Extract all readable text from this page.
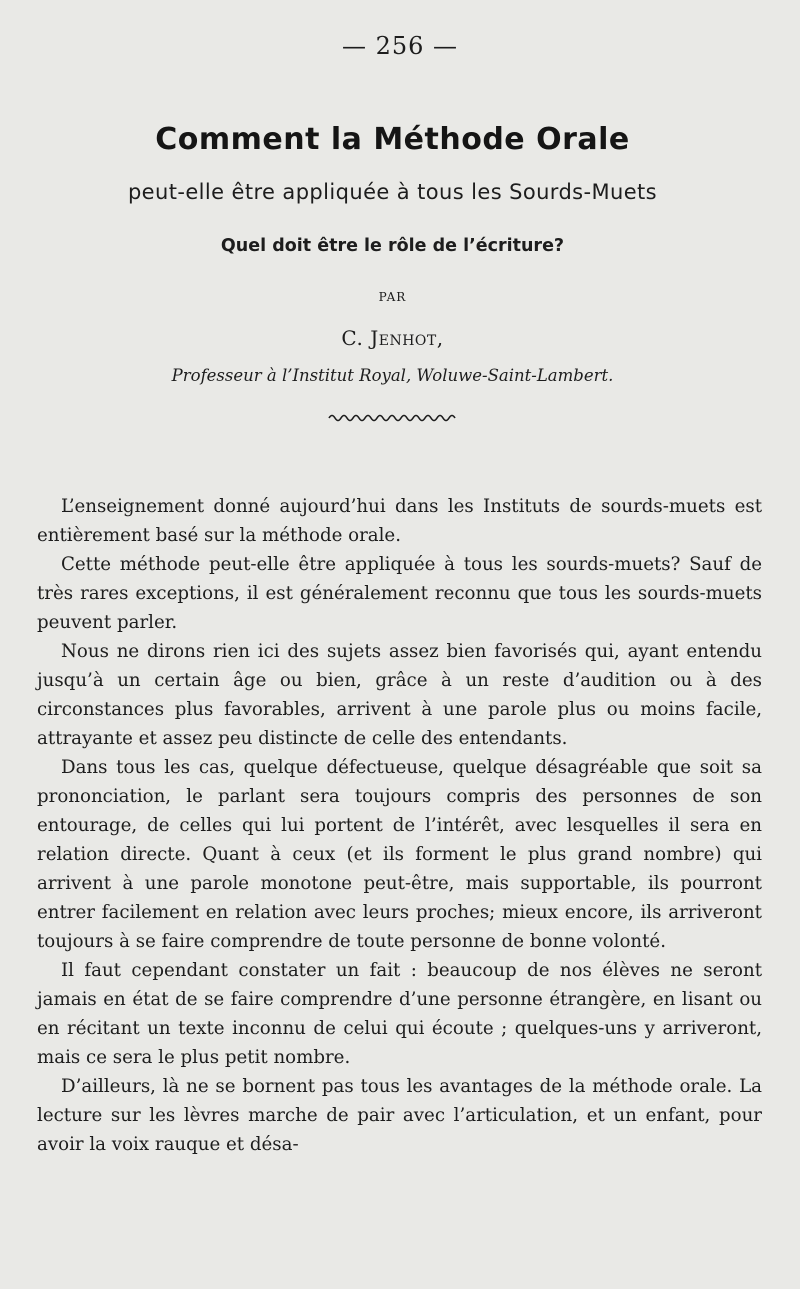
— 256 —
Comment la Méthode Orale
peut-elle être appliquée à tous les Sourds-Muets
Quel doit être le rôle de l’écriture?
PAR
C. Jenhot,
Professeur à l’Institut Royal, Woluwe-Saint-Lambert.

L’enseignement donné aujourd’hui dans les Instituts de sourds-muets est entièrement basé sur la méthode orale.

Cette méthode peut-elle être appliquée à tous les sourds-muets? Sauf de très rares exceptions, il est généralement reconnu que tous les sourds-muets peuvent parler.

Nous ne dirons rien ici des sujets assez bien favorisés qui, ayant entendu jusqu’à un certain âge ou bien, grâce à un reste d’audition ou à des circonstances plus favorables, arrivent à une parole plus ou moins facile, attrayante et assez peu distincte de celle des entendants.

Dans tous les cas, quelque défectueuse, quelque désagréable que soit sa prononciation, le parlant sera toujours compris des personnes de son entourage, de celles qui lui portent de l’intérêt, avec lesquelles il sera en relation directe. Quant à ceux (et ils forment le plus grand nombre) qui arrivent à une parole monotone peut-être, mais supportable, ils pourront entrer facilement en relation avec leurs proches; mieux encore, ils arriveront toujours à se faire comprendre de toute personne de bonne volonté.

Il faut cependant constater un fait : beaucoup de nos élèves ne seront jamais en état de se faire comprendre d’une personne étrangère, en lisant ou en récitant un texte inconnu de celui qui écoute ; quelques-uns y arriveront, mais ce sera le plus petit nombre.

D’ailleurs, là ne se bornent pas tous les avantages de la méthode orale. La lecture sur les lèvres marche de pair avec l’articulation, et un enfant, pour avoir la voix rauque et désa-
